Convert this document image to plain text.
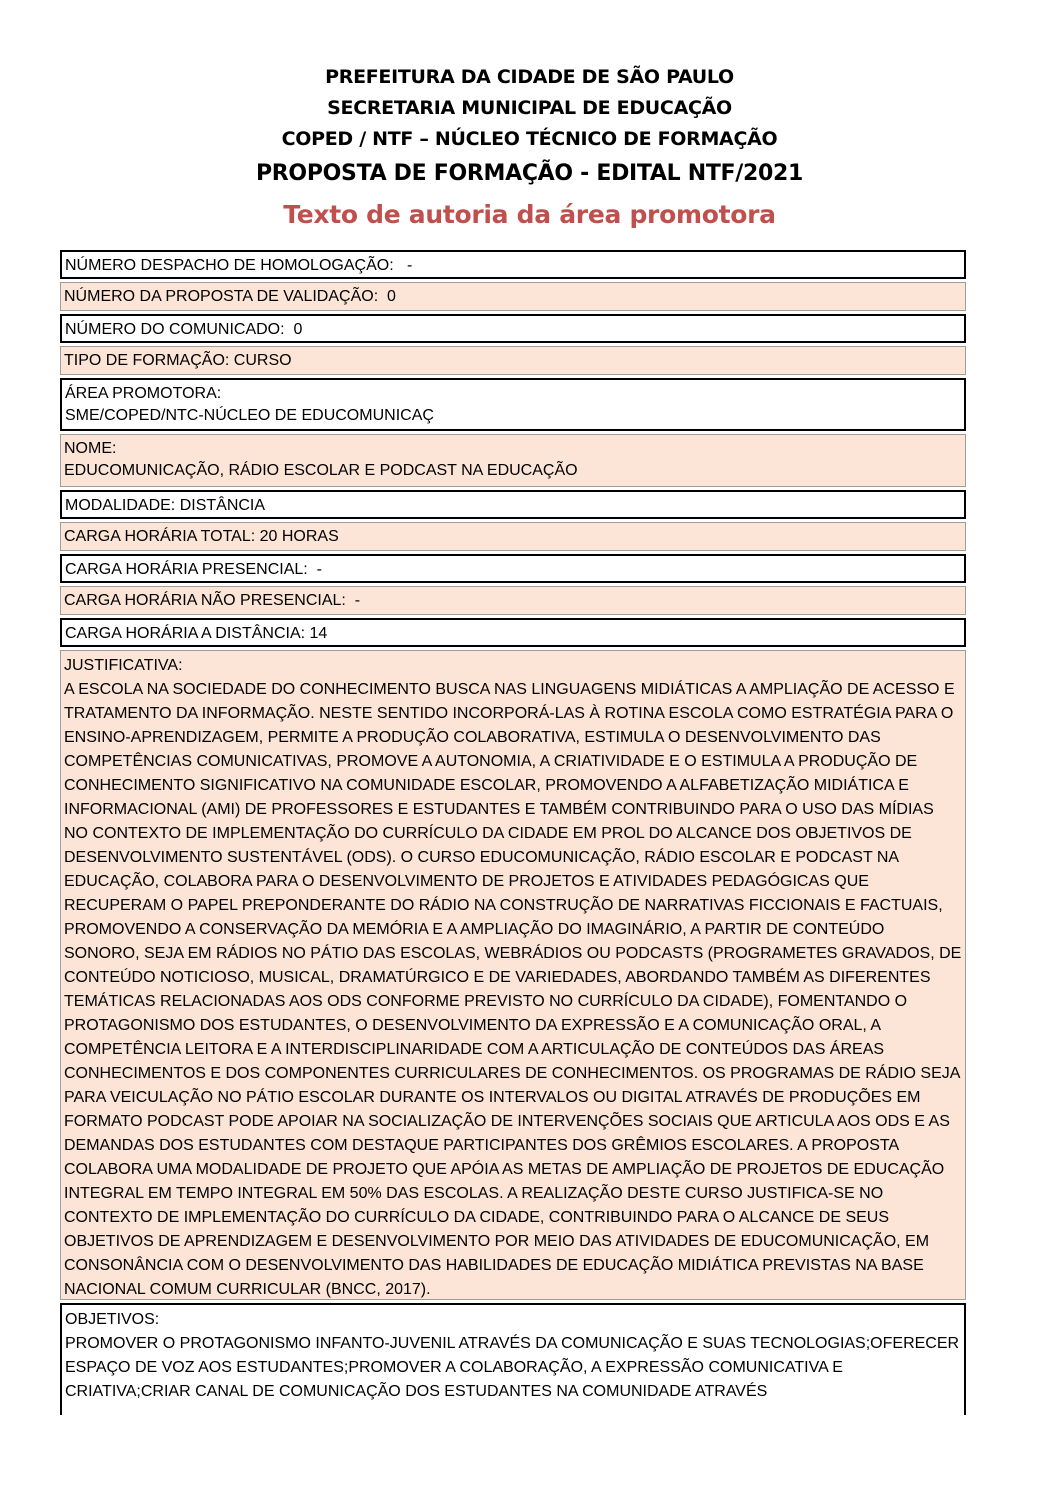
PREFEITURA DA CIDADE DE SÃO PAULO
SECRETARIA MUNICIPAL DE EDUCAÇÃO
COPED / NTF – NÚCLEO TÉCNICO DE FORMAÇÃO
PROPOSTA DE FORMAÇÃO - EDITAL NTF/2021
Texto de autoria da área promotora
NÚMERO DESPACHO DE HOMOLOGAÇÃO: -
NÚMERO DA PROPOSTA DE VALIDAÇÃO: 0
NÚMERO DO COMUNICADO: 0
TIPO DE FORMAÇÃO: CURSO
ÁREA PROMOTORA:
SME/COPED/NTC-NÚCLEO DE EDUCOMUNICAÇ
NOME:
EDUCOMUNICAÇÃO, RÁDIO ESCOLAR E PODCAST NA EDUCAÇÃO
MODALIDADE: DISTÂNCIA
CARGA HORÁRIA TOTAL: 20 HORAS
CARGA HORÁRIA PRESENCIAL: -
CARGA HORÁRIA NÃO PRESENCIAL: -
CARGA HORÁRIA A DISTÂNCIA: 14
JUSTIFICATIVA:
A ESCOLA NA SOCIEDADE DO CONHECIMENTO BUSCA NAS LINGUAGENS MIDIÁTICAS A AMPLIAÇÃO DE ACESSO E TRATAMENTO DA INFORMAÇÃO. NESTE SENTIDO INCORPORÁ-LAS À ROTINA ESCOLA COMO ESTRATÉGIA PARA O ENSINO-APRENDIZAGEM, PERMITE A PRODUÇÃO COLABORATIVA, ESTIMULA O DESENVOLVIMENTO DAS COMPETÊNCIAS COMUNICATIVAS, PROMOVE A AUTONOMIA, A CRIATIVIDADE E O ESTIMULA A PRODUÇÃO DE CONHECIMENTO SIGNIFICATIVO NA COMUNIDADE ESCOLAR, PROMOVENDO A ALFABETIZAÇÃO MIDIÁTICA E INFORMACIONAL (AMI) DE PROFESSORES E ESTUDANTES E TAMBÉM CONTRIBUINDO PARA O USO DAS MÍDIAS NO CONTEXTO DE IMPLEMENTAÇÃO DO CURRÍCULO DA CIDADE EM PROL DO ALCANCE DOS OBJETIVOS DE DESENVOLVIMENTO SUSTENTÁVEL (ODS). O CURSO EDUCOMUNICAÇÃO, RÁDIO ESCOLAR E PODCAST NA EDUCAÇÃO, COLABORA PARA O DESENVOLVIMENTO DE PROJETOS E ATIVIDADES PEDAGÓGICAS QUE RECUPERAM O PAPEL PREPONDERANTE DO RÁDIO NA CONSTRUÇÃO DE NARRATIVAS FICCIONAIS E FACTUAIS, PROMOVENDO A CONSERVAÇÃO DA MEMÓRIA E A AMPLIAÇÃO DO IMAGINÁRIO, A PARTIR DE CONTEÚDO SONORO, SEJA EM RÁDIOS NO PÁTIO DAS ESCOLAS, WEBRÁDIOS OU PODCASTS (PROGRAMETES GRAVADOS, DE CONTEÚDO NOTICIOSO, MUSICAL, DRAMATÚRGICO E DE VARIEDADES, ABORDANDO TAMBÉM AS DIFERENTES TEMÁTICAS RELACIONADAS AOS ODS CONFORME PREVISTO NO CURRÍCULO DA CIDADE), FOMENTANDO O PROTAGONISMO DOS ESTUDANTES, O DESENVOLVIMENTO DA EXPRESSÃO E A COMUNICAÇÃO ORAL, A COMPETÊNCIA LEITORA E A INTERDISCIPLINARIDADE COM A ARTICULAÇÃO DE CONTEÚDOS DAS ÁREAS CONHECIMENTOS E DOS COMPONENTES CURRICULARES DE CONHECIMENTOS. OS PROGRAMAS DE RÁDIO SEJA PARA VEICULAÇÃO NO PÁTIO ESCOLAR DURANTE OS INTERVALOS OU DIGITAL ATRAVÉS DE PRODUÇÕES EM FORMATO PODCAST PODE APOIAR NA SOCIALIZAÇÃO DE INTERVENÇÕES SOCIAIS QUE ARTICULA AOS ODS E AS DEMANDAS DOS ESTUDANTES COM DESTAQUE PARTICIPANTES DOS GRÊMIOS ESCOLARES. A PROPOSTA COLABORA UMA MODALIDADE DE PROJETO QUE APÓIA AS METAS DE AMPLIAÇÃO DE PROJETOS DE EDUCAÇÃO INTEGRAL EM TEMPO INTEGRAL EM 50% DAS ESCOLAS. A REALIZAÇÃO DESTE CURSO JUSTIFICA-SE NO CONTEXTO DE IMPLEMENTAÇÃO DO CURRÍCULO DA CIDADE, CONTRIBUINDO PARA O ALCANCE DE SEUS OBJETIVOS DE APRENDIZAGEM E DESENVOLVIMENTO POR MEIO DAS ATIVIDADES DE EDUCOMUNICAÇÃO, EM CONSONÂNCIA COM O DESENVOLVIMENTO DAS HABILIDADES DE EDUCAÇÃO MIDIÁTICA PREVISTAS NA BASE NACIONAL COMUM CURRICULAR (BNCC, 2017).
OBJETIVOS:
PROMOVER O PROTAGONISMO INFANTO-JUVENIL ATRAVÉS DA COMUNICAÇÃO E SUAS TECNOLOGIAS;OFERECER ESPAÇO DE VOZ AOS ESTUDANTES;PROMOVER A COLABORAÇÃO, A EXPRESSÃO COMUNICATIVA E CRIATIVA;CRIAR CANAL DE COMUNICAÇÃO DOS ESTUDANTES NA COMUNIDADE ATRAVÉS
